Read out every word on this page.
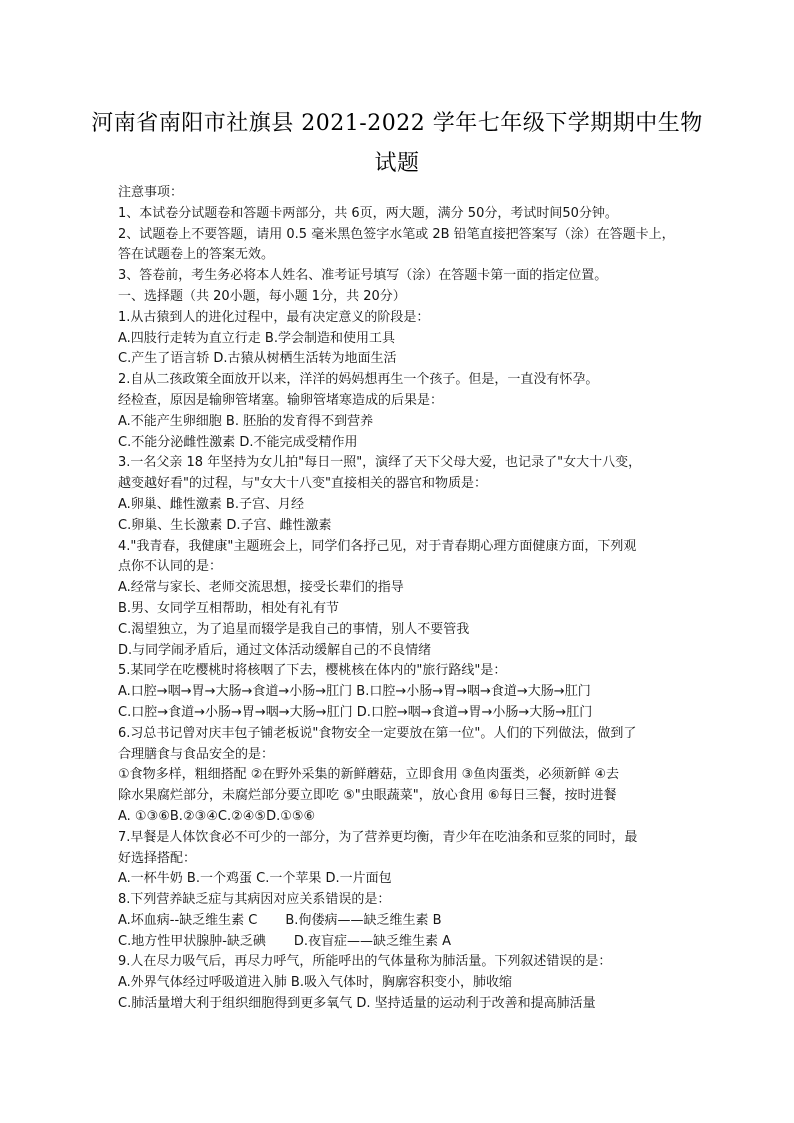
河南省南阳市社旗县 2021-2022 学年七年级下学期期中生物
试题
注意事项：
1、本试卷分试题卷和答题卡两部分，共 6页，两大题，满分 50分，考试时间50分钟。
2、试题卷上不要答题，请用 0.5 毫米黑色签字水笔或 2B 铅笔直接把答案写（涂）在答题卡上，答在试题卷上的答案无效。
3、答卷前，考生务必将本人姓名、准考证号填写（涂）在答题卡第一面的指定位置。
一、选择题（共 20小题，每小题 1分，共 20分）
1.从古猿到人的进化过程中，最有决定意义的阶段是：
A.四肢行走转为直立行走 B.学会制造和使用工具
C.产生了语言轿 D.古猿从树栖生活转为地面生活
2.自从二孩政策全面放开以来，洋洋的妈妈想再生一个孩子。但是，一直没有怀孕。
经检查，原因是输卵管堵塞。输卵管堵寒造成的后果是：
A.不能产生卵细胞 B. 胚胎的发育得不到营养
C.不能分泌雌性激素 D.不能完成受精作用
3.一名父亲 18 年坚持为女儿拍"每日一照"，演绎了天下父母大爱，也记录了"女大十八变，
越变越好看"的过程，与"女大十八变"直接相关的器官和物质是：
A.卵巢、雌性激素 B.子宫、月经
C.卵巢、生长激素 D.子宫、雌性激素
4."我青春，我健康"主题班会上，同学们各抒己见，对于青春期心理方面健康方面，下列观
点你不认同的是：
A.经常与家长、老师交流思想，接受长辈们的指导
B.男、女同学互相帮助，相处有礼有节
C.渴望独立，为了追星而辍学是我自己的事情，别人不要管我
D.与同学闹矛盾后，通过文体活动缓解自己的不良情绪
5.某同学在吃樱桃时将核咽了下去，樱桃核在体内的"旅行路线"是：
A.口腔→咽→胃→大肠→食道→小肠→肛门 B.口腔→小肠→胃→咽→食道→大肠→肛门
C.口腔→食道→小肠→胃→咽→大肠→肛门 D.口腔→咽→食道→胃→小肠→大肠→肛门
6.习总书记曾对庆丰包子铺老板说"食物安全一定要放在第一位"。人们的下列做法，做到了
合理膳食与食品安全的是：
①食物多样，粗细搭配 ②在野外采集的新鲜蘑菇，立即食用 ③鱼肉蛋类，必须新鲜 ④去
除水果腐烂部分，未腐烂部分要立即吃 ⑤"虫眼蔬菜"，放心食用 ⑥每日三餐，按时进餐
A. ①③⑥B.②③④C.②④⑤D.①⑤⑥
7.早餐是人体饮食必不可少的一部分，为了营养更均衡，青少年在吃油条和豆浆的同时，最
好选择搭配：
A.一杯牛奶 B.一个鸡蛋 C.一个苹果 D.一片面包
8.下列营养缺乏症与其病因对应关系错误的是：
A.坏血病--缺乏维生素 C B.佝偻病——缺乏维生素 B
C.地方性甲状腺肿-缺乏碘 D.夜盲症——缺乏维生素 A
9.人在尽力吸气后，再尽力呼气，所能呼出的气体量称为肺活量。下列叙述错误的是：
A.外界气体经过呼吸道进入肺 B.吸入气体时，胸廓容积变小，肺收缩
C.肺活量增大利于组织细胞得到更多氧气 D. 坚持适量的运动利于改善和提高肺活量
